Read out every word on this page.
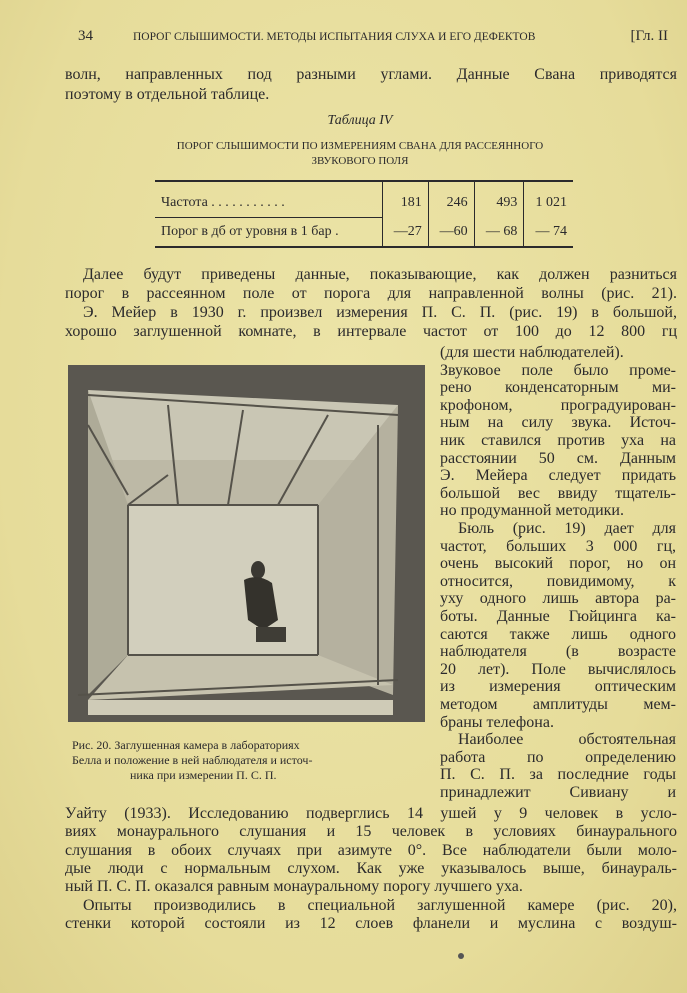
34	ПОРОГ СЛЫШИМОСТИ. МЕТОДЫ ИСПЫТАНИЯ СЛУХА И ЕГО ДЕФЕКТОВ	[Гл. II
волн, направленных под разными углами. Данные Свана приводятся
поэтому в отдельной таблице.
Таблица IV
ПОРОГ СЛЫШИМОСТИ ПО ИЗМЕРЕНИЯМ СВАНА ДЛЯ РАССЕЯННОГО
ЗВУКОВОГО ПОЛЯ
Частота . . . . . . . . . . .	181	246	493	1 021
Порог в дб от уровня в 1 бар .	—27	—60	— 68	— 74
Рис. 20. Заглушенная камера в лабораториях
Белла и положение в ней наблюдателя и источ-
ника при измерении П. С. П.
Далее будут приведены данные, показывающие, как должен разниться
порог в рассеянном поле от порога для направленной волны (рис. 21).
Э. Мейер в 1930 г. произвел измерения П. С. П. (рис. 19) в большой,
хорошо заглушенной комнате, в интервале частот от 100 до 12 800 гц
(для шести наблюдателей).
Звуковое поле было проме-
рено конденсаторным ми-
крофоном, проградуирован-
ным на силу звука. Источ-
ник ставился против уха на
расстоянии 50 см. Данным
Э. Мейера следует придать
большой вес ввиду тщатель-
но продуманной методики.
Бюль (рис. 19) дает для
частот, бо́льших 3 000 гц,
очень высокий порог, но он
относится, повидимому, к
уху одного лишь автора ра-
боты. Данные Гюйцинга ка-
саются также лишь одного
наблюдателя (в возрасте
20 лет). Поле вычислялось
из измерения оптическим
методом амплитуды мем-
браны телефона.
Наиболее обстоятельная
работа по определению
П. С. П. за последние годы
принадлежит Сивиану и
Уайту (1933). Исследованию подверглись 14 ушей у 9 человек в усло-
виях монаурального слушания и 15 человек в условиях бинаурального
слушания в обоих случаях при азимуте 0°. Все наблюдатели были моло-
дые люди с нормальным слухом. Как уже указывалось выше, бинаураль-
ный П. С. П. оказался равным монауральному порогу лучшего уха.
Опыты производились в специальной заглушенной камере (рис. 20),
стенки которой состояли из 12 слоев фланели и муслина с воздуш-
